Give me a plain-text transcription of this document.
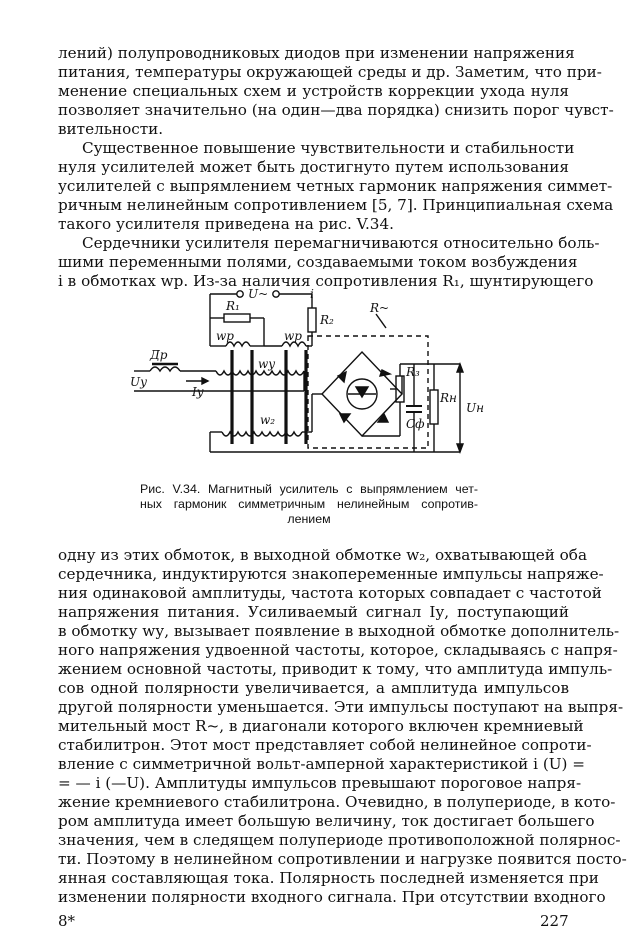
лений) полупроводниковых диодов при изменении напряжения
питания, температуры окружающей среды и др. Заметим, что при-
менение специальных схем и устройств коррекции ухода нуля
позволяет значительно (на один—два порядка) снизить порог чувст-
вительности.
Существенное повышение чувствительности и стабильности
нуля усилителей может быть достигнуто путем использования
усилителей с выпрямлением четных гармоник напряжения симмет-
ричным нелинейным сопротивлением [5, 7]. Принципиальная схема
такого усилителя приведена на рис. V.34.
Сердечники усилителя перемагничиваются относительно боль-
шими переменными полями, создаваемыми током возбуждения
i в обмотках wр. Из-за наличия сопротивления R₁, шунтирующего
U~	i
R₁
R₂
R~
wр	wр
Др
wу
Uу
Iу
w₂
R₃
Rн
Cф
Uн
Рис. V.34. Магнитный усилитель с выпрямлением чет-
ных гармоник симметричным нелинейным сопротив-
лением
одну из этих обмоток, в выходной обмотке w₂, охватывающей оба
сердечника, индуктируются знакопеременные импульсы напряже-
ния одинаковой амплитуды, частота которых совпадает с частотой
напряжения питания. Усиливаемый сигнал Iу, поступающий
в обмотку wу, вызывает появление в выходной обмотке дополнитель-
ного напряжения удвоенной частоты, которое, складываясь с напря-
жением основной частоты, приводит к тому, что амплитуда импуль-
сов одной полярности увеличивается, а амплитуда импульсов
другой полярности уменьшается. Эти импульсы поступают на выпря-
мительный мост R~, в диагонали которого включен кремниевый
стабилитрон. Этот мост представляет собой нелинейное сопроти-
вление с симметричной вольт-амперной характеристикой i (U) =
= — i (—U). Амплитуды импульсов превышают пороговое напря-
жение кремниевого стабилитрона. Очевидно, в полупериоде, в кото-
ром амплитуда имеет большую величину, ток достигает большего
значения, чем в следящем полупериоде противоположной полярнос-
ти. Поэтому в нелинейном сопротивлении и нагрузке появится посто-
янная составляющая тока. Полярность последней изменяется при
изменении полярности входного сигнала. При отсутствии входного
8*	227
